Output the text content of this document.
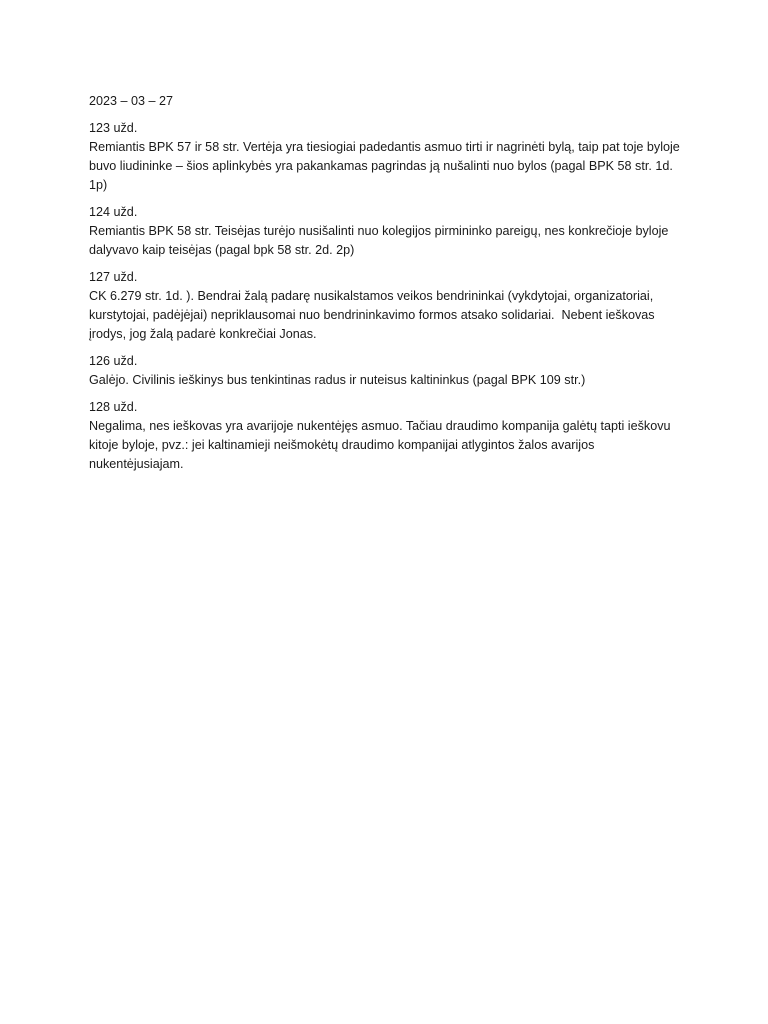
2023 – 03 – 27
123 užd.
Remiantis BPK 57 ir 58 str. Vertėja yra tiesiogiai padedantis asmuo tirti ir nagrinėti bylą, taip pat toje byloje buvo liudininke – šios aplinkybės yra pakankamas pagrindas ją nušalinti nuo bylos (pagal BPK 58 str. 1d. 1p)
124 užd.
Remiantis BPK 58 str. Teisėjas turėjo nusišalinti nuo kolegijos pirmininko pareigų, nes konkrečioje byloje dalyvavo kaip teisėjas (pagal bpk 58 str. 2d. 2p)
127 užd.
CK 6.279 str. 1d. ). Bendrai žalą padarę nusikalstamos veikos bendrininkai (vykdytojai, organizatoriai, kurstytojai, padėjėjai) nepriklausomai nuo bendrininkavimo formos atsako solidariai.  Nebent ieškovas įrodys, jog žalą padarė konkrečiai Jonas.
126 užd.
Galėjo. Civilinis ieškinys bus tenkintinas radus ir nuteisus kaltininkus (pagal BPK 109 str.)
128 užd.
Negalima, nes ieškovas yra avarijoje nukentėjęs asmuo. Tačiau draudimo kompanija galėtų tapti ieškovu kitoje byloje, pvz.: jei kaltinamieji neišmokėtų draudimo kompanijai atlygintos žalos avarijos nukentėjusiajam.
